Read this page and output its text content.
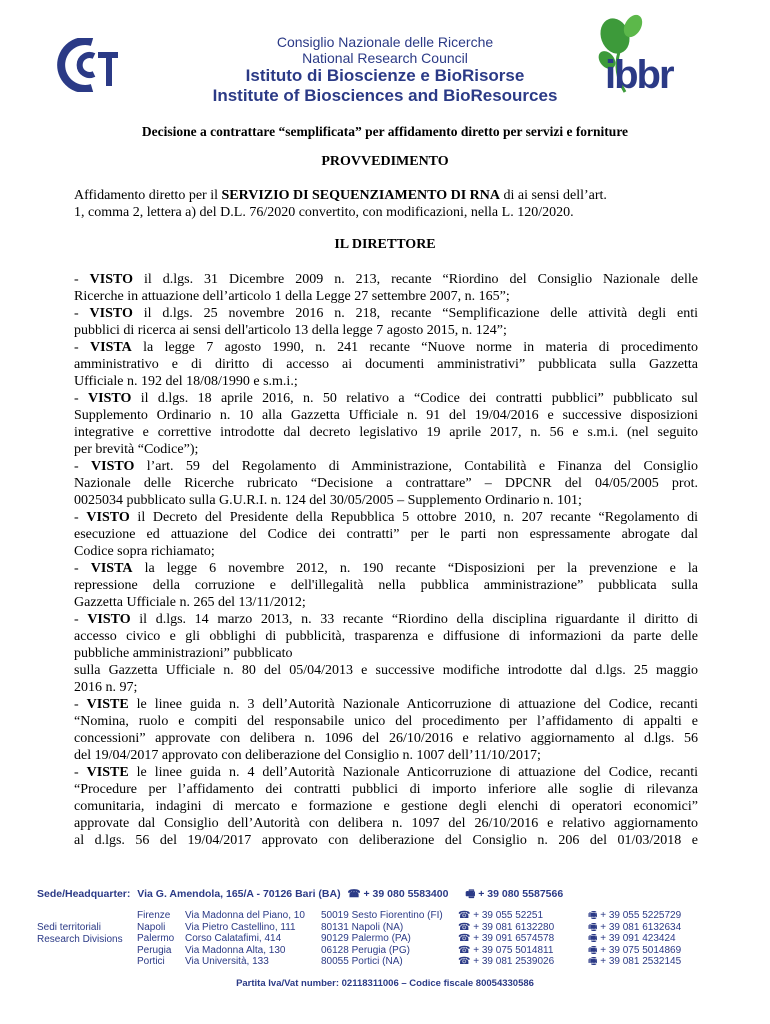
Consiglio Nazionale delle Ricerche
National Research Council
Istituto di Bioscienze e BioRisorse
Institute of Biosciences and BioResources	ibbr
Decisione a contrattare “semplificata” per affidamento diretto per servizi e forniture
PROVVEDIMENTO
Affidamento diretto per il SERVIZIO DI SEQUENZIAMENTO DI RNA di ai sensi dell’art.
1, comma 2, lettera a) del D.L. 76/2020 convertito, con modificazioni, nella L. 120/2020.
IL DIRETTORE
- VISTO il d.lgs. 31 Dicembre 2009 n. 213, recante “Riordino del Consiglio Nazionale delle
Ricerche in attuazione dell’articolo 1 della Legge 27 settembre 2007, n. 165”;
- VISTO il d.lgs. 25 novembre 2016 n. 218, recante “Semplificazione delle attività degli enti
pubblici di ricerca ai sensi dell'articolo 13 della legge 7 agosto 2015, n. 124”;
- VISTA la legge 7 agosto 1990, n. 241 recante “Nuove norme in materia di procedimento
amministrativo e di diritto di accesso ai documenti amministrativi” pubblicata sulla Gazzetta
Ufficiale n. 192 del 18/08/1990 e s.m.i.;
- VISTO il d.lgs. 18 aprile 2016, n. 50 relativo a “Codice dei contratti pubblici” pubblicato sul
Supplemento Ordinario n. 10 alla Gazzetta Ufficiale n. 91 del 19/04/2016 e successive disposizioni
integrative e correttive introdotte dal decreto legislativo 19 aprile 2017, n. 56 e s.m.i. (nel seguito
per brevità “Codice”);
- VISTO l’art. 59 del Regolamento di Amministrazione, Contabilità e Finanza del Consiglio
Nazionale delle Ricerche rubricato “Decisione a contrattare” – DPCNR del 04/05/2005 prot.
0025034 pubblicato sulla G.U.R.I. n. 124 del 30/05/2005 – Supplemento Ordinario n. 101;
- VISTO il Decreto del Presidente della Repubblica 5 ottobre 2010, n. 207 recante “Regolamento di
esecuzione ed attuazione del Codice dei contratti” per le parti non espressamente abrogate dal
Codice sopra richiamato;
- VISTA la legge 6 novembre 2012, n. 190 recante “Disposizioni per la prevenzione e la
repressione della corruzione e dell'illegalità nella pubblica amministrazione” pubblicata sulla
Gazzetta Ufficiale n. 265 del 13/11/2012;
- VISTO il d.lgs. 14 marzo 2013, n. 33 recante “Riordino della disciplina riguardante il diritto di
accesso civico e gli obblighi di pubblicità, trasparenza e diffusione di informazioni da parte delle
pubbliche amministrazioni” pubblicato
sulla Gazzetta Ufficiale n. 80 del 05/04/2013 e successive modifiche introdotte dal d.lgs. 25 maggio
2016 n. 97;
- VISTE le linee guida n. 3 dell’Autorità Nazionale Anticorruzione di attuazione del Codice, recanti
“Nomina, ruolo e compiti del responsabile unico del procedimento per l’affidamento di appalti e
concessioni” approvate con delibera n. 1096 del 26/10/2016 e relativo aggiornamento al d.lgs. 56
del 19/04/2017 approvato con deliberazione del Consiglio n. 1007 dell’11/10/2017;
- VISTE le linee guida n. 4 dell’Autorità Nazionale Anticorruzione di attuazione del Codice, recanti
“Procedure per l’affidamento dei contratti pubblici di importo inferiore alle soglie di rilevanza
comunitaria, indagini di mercato e formazione e gestione degli elenchi di operatori economici”
approvate dal Consiglio dell’Autorità con delibera n. 1097 del 26/10/2016 e relativo aggiornamento
al d.lgs. 56 del 19/04/2017 approvato con deliberazione del Consiglio n. 206 del 01/03/2018 e
Sede/Headquarter: Via G. Amendola, 165/A - 70126 Bari (BA) ☎ + 39 080 5583400 🖷 + 39 080 5587566
Sedi territoriali
Research Divisions
Firenze
Napoli
Palermo
Perugia
Portici
Via Madonna del Piano, 10
Via Pietro Castellino, 111
Corso Calatafimi, 414
Via Madonna Alta, 130
Via Università, 133
50019 Sesto Fiorentino (FI)
80131 Napoli (NA)
90129 Palermo (PA)
06128 Perugia (PG)
80055 Portici (NA)
☎ + 39 055 52251
☎ + 39 081 6132280
☎ + 39 091 6574578
☎ + 39 075 5014811
☎ + 39 081 2539026
🖷 + 39 055 5225729
🖷 + 39 081 6132634
🖷 + 39 091 423424
🖷 + 39 075 5014869
🖷 + 39 081 2532145
Partita Iva/Vat number: 02118311006 – Codice fiscale 80054330586
